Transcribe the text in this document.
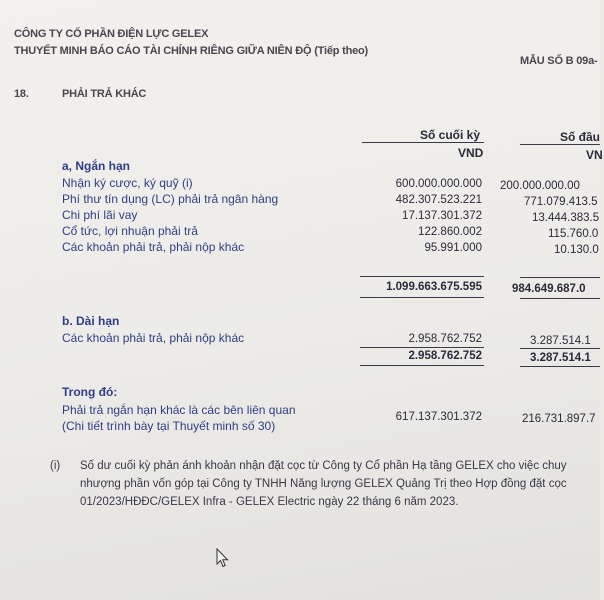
CÔNG TY CỔ PHẦN ĐIỆN LỰC GELEX
THUYẾT MINH BÁO CÁO TÀI CHÍNH RIÊNG GIỮA NIÊN ĐỘ (Tiếp theo)
MẪU SỐ B 09a-
18.	PHẢI TRẢ KHÁC
Số cuối kỳ
VND
Số đầu
VN
a, Ngắn hạn
Nhận ký cược, ký quỹ (i)	600.000.000.000 200.000.000.00
Phí thư tín dụng (LC) phải trả ngân hàng	482.307.523.221	771.079.413.5
Chi phí lãi vay	17.137.301.372	13.444.383.5
Cổ tức, lợi nhuận phải trả	122.860.002	115.760.0
Các khoản phải trả, phải nộp khác	95.991.000	10.130.0
1.099.663.675.595	984.649.687.0
b. Dài hạn
Các khoản phải trả, phải nộp khác	2.958.762.752	3.287.514.1
2.958.762.752	3.287.514.1
Trong đó:
Phải trả ngắn hạn khác là các bên liên quan
(Chi tiết trình bày tại Thuyết minh số 30)
617.137.301.372	216.731.897.7
(i) Số dư cuối kỳ phản ánh khoản nhận đặt cọc từ Công ty Cổ phần Hạ tầng GELEX cho việc chuy
nhượng phần vốn góp tại Công ty TNHH Năng lượng GELEX Quảng Trị theo Hợp đồng đặt cọc
01/2023/HĐĐC/GELEX Infra - GELEX Electric ngày 22 tháng 6 năm 2023.
